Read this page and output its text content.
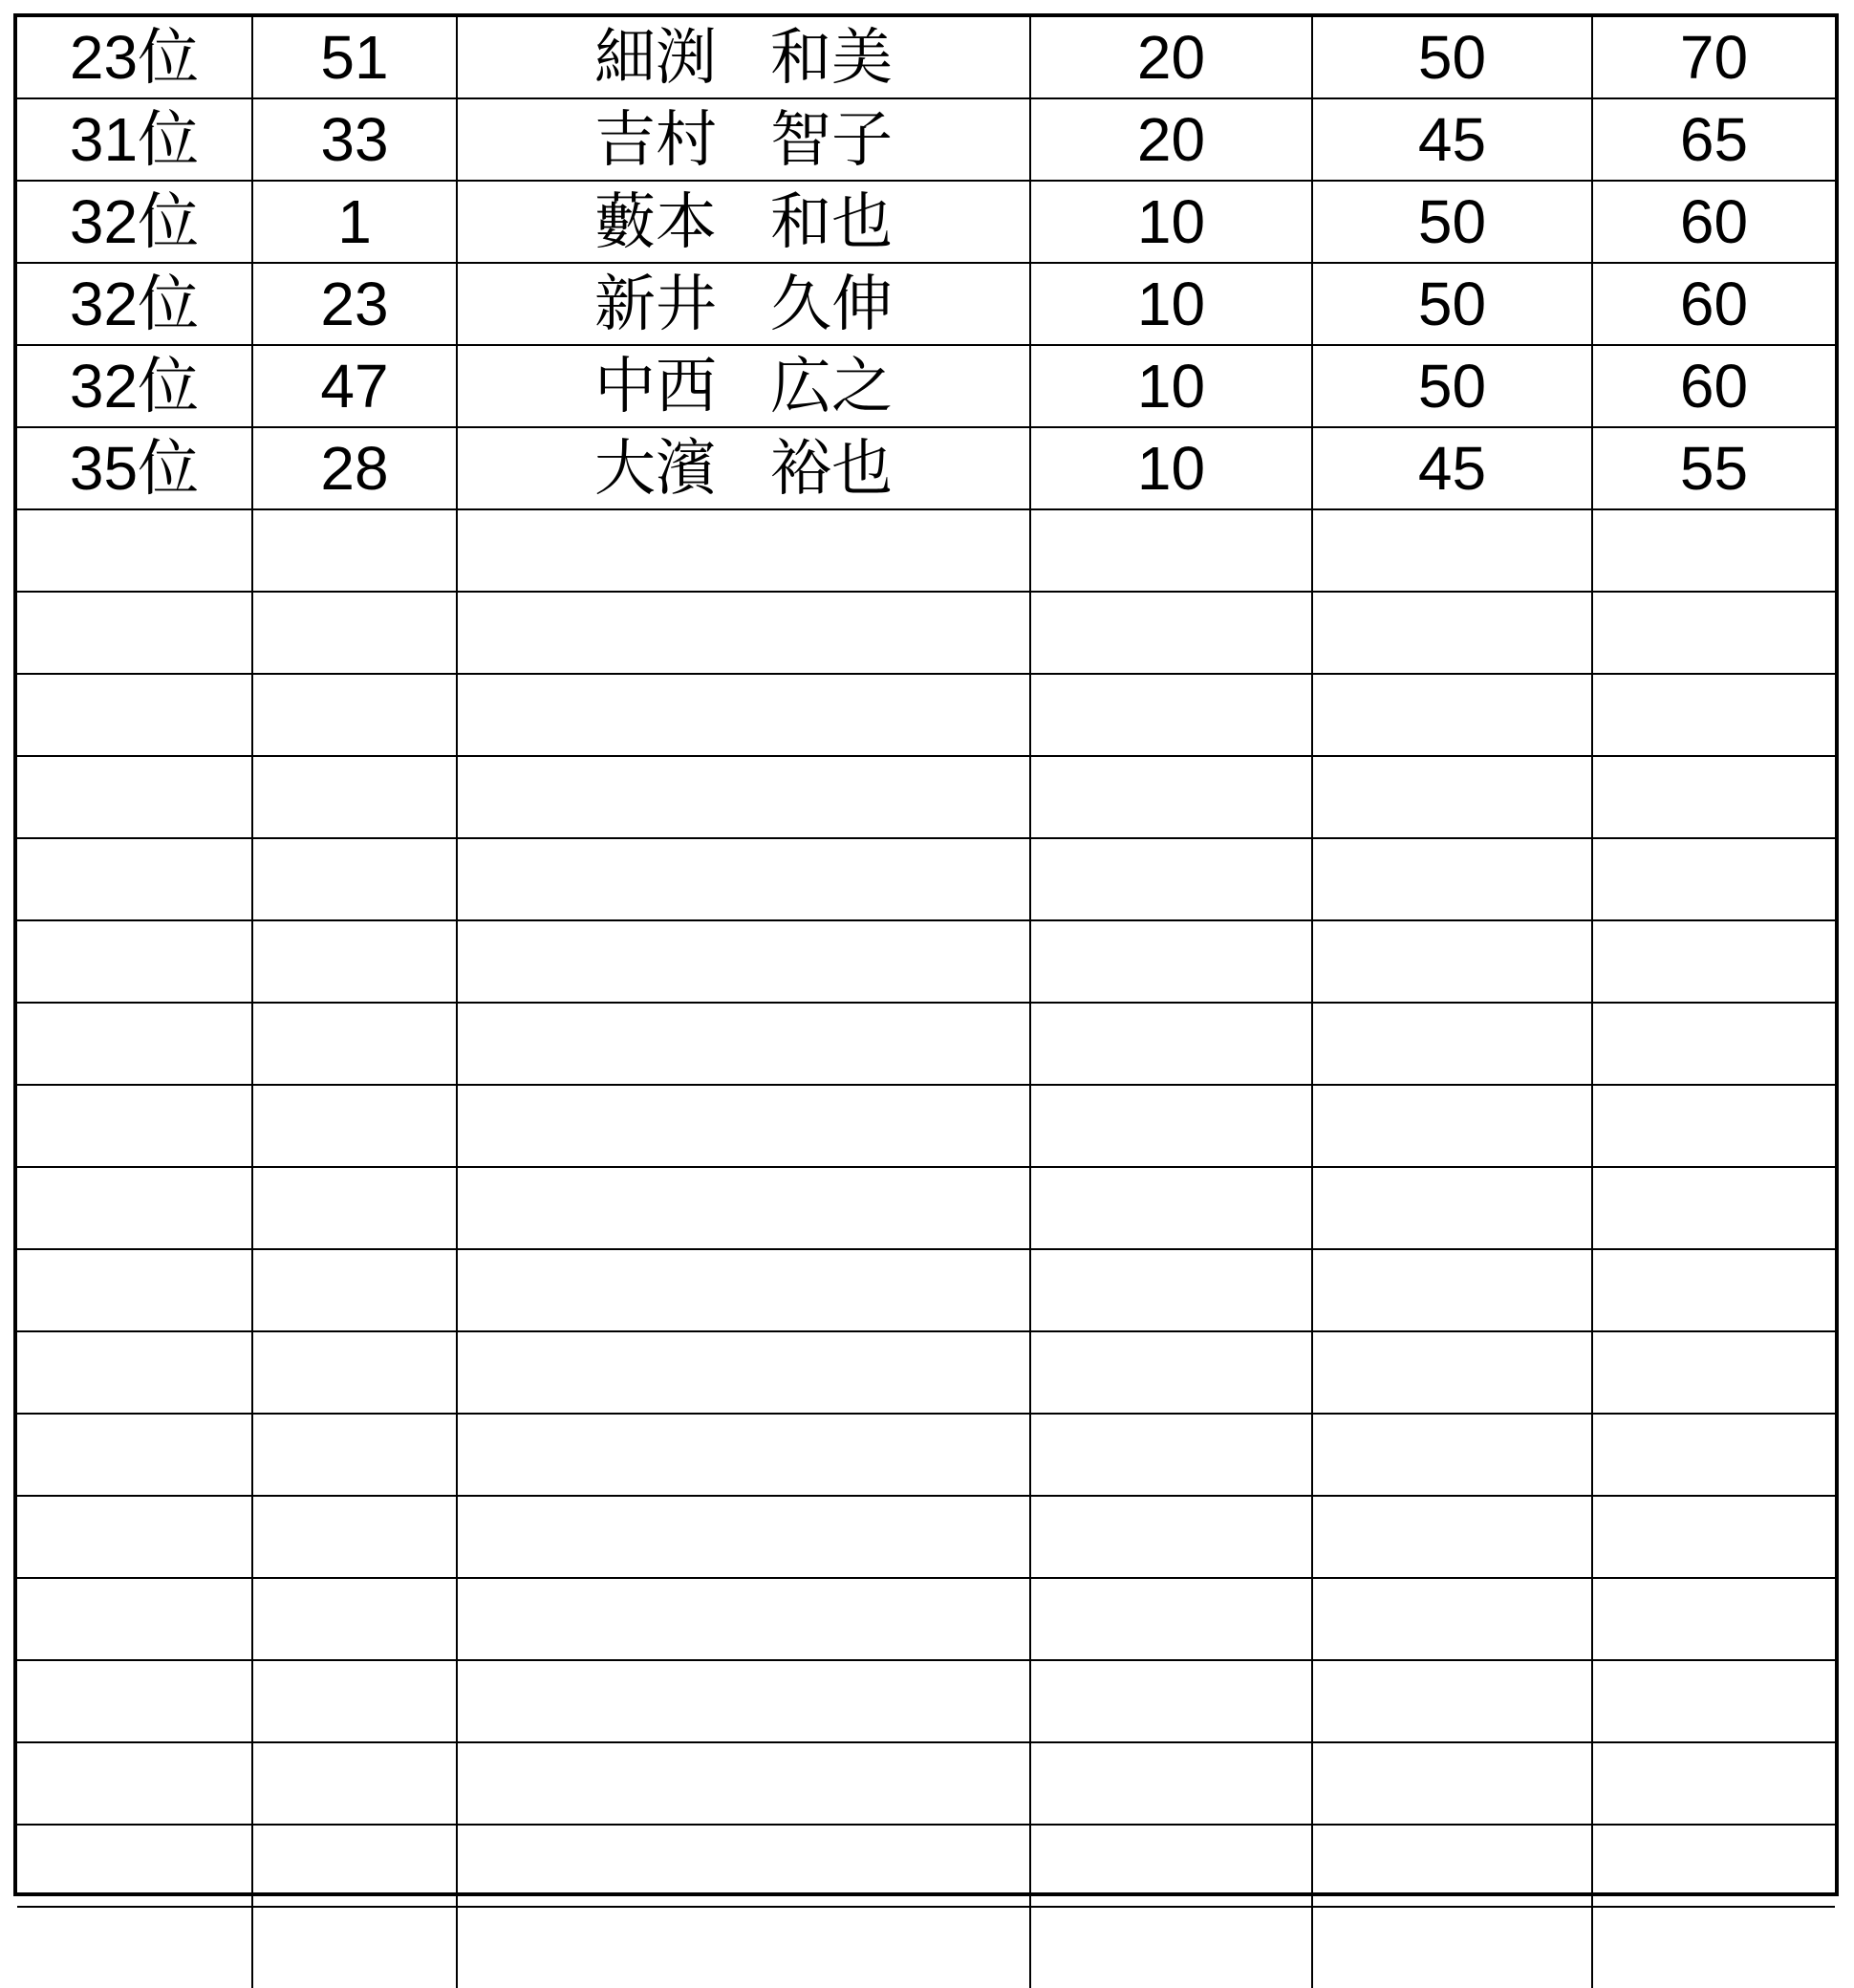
23位	51	細渕 和美	20	50	70
31位	33	吉村 智子	20	45	65
32位	1	藪本 和也	10	50	60
32位	23	新井 久伸	10	50	60
32位	47	中西 広之	10	50	60
35位	28	大濱 裕也	10	45	55
